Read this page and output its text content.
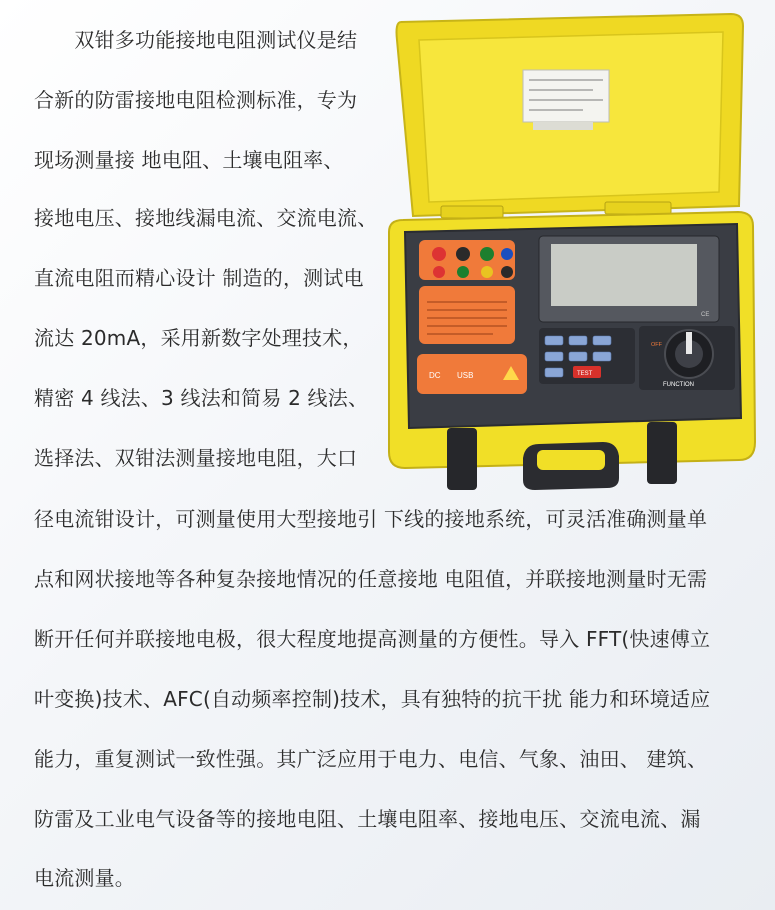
　　双钳多功能接地电阻测试仪是结
合新的防雷接地电阻检测标准，专为
现场测量接 地电阻、土壤电阻率、
接地电压、接地线漏电流、交流电流、
直流电阻而精心设计 制造的，测试电
流达 20mA，采用新数字处理技术，
精密 4 线法、3 线法和简易 2 线法、
选择法、双钳法测量接地电阻，大口
径电流钳设计，可测量使用大型接地引 下线的接地系统，可灵活准确测量单
点和网状接地等各种复杂接地情况的任意接地 电阻值，并联接地测量时无需
断开任何并联接地电极，很大程度地提高测量的方便性。导入 FFT(快速傅立
叶变换)技术、AFC(自动频率控制)技术，具有独特的抗干扰 能力和环境适应
能力，重复测试一致性强。其广泛应用于电力、电信、气象、油田、 建筑、
防雷及工业电气设备等的接地电阻、土壤电阻率、接地电压、交流电流、漏
电流测量。
DC USB
CE
TEST
OFF
FUNCTION
